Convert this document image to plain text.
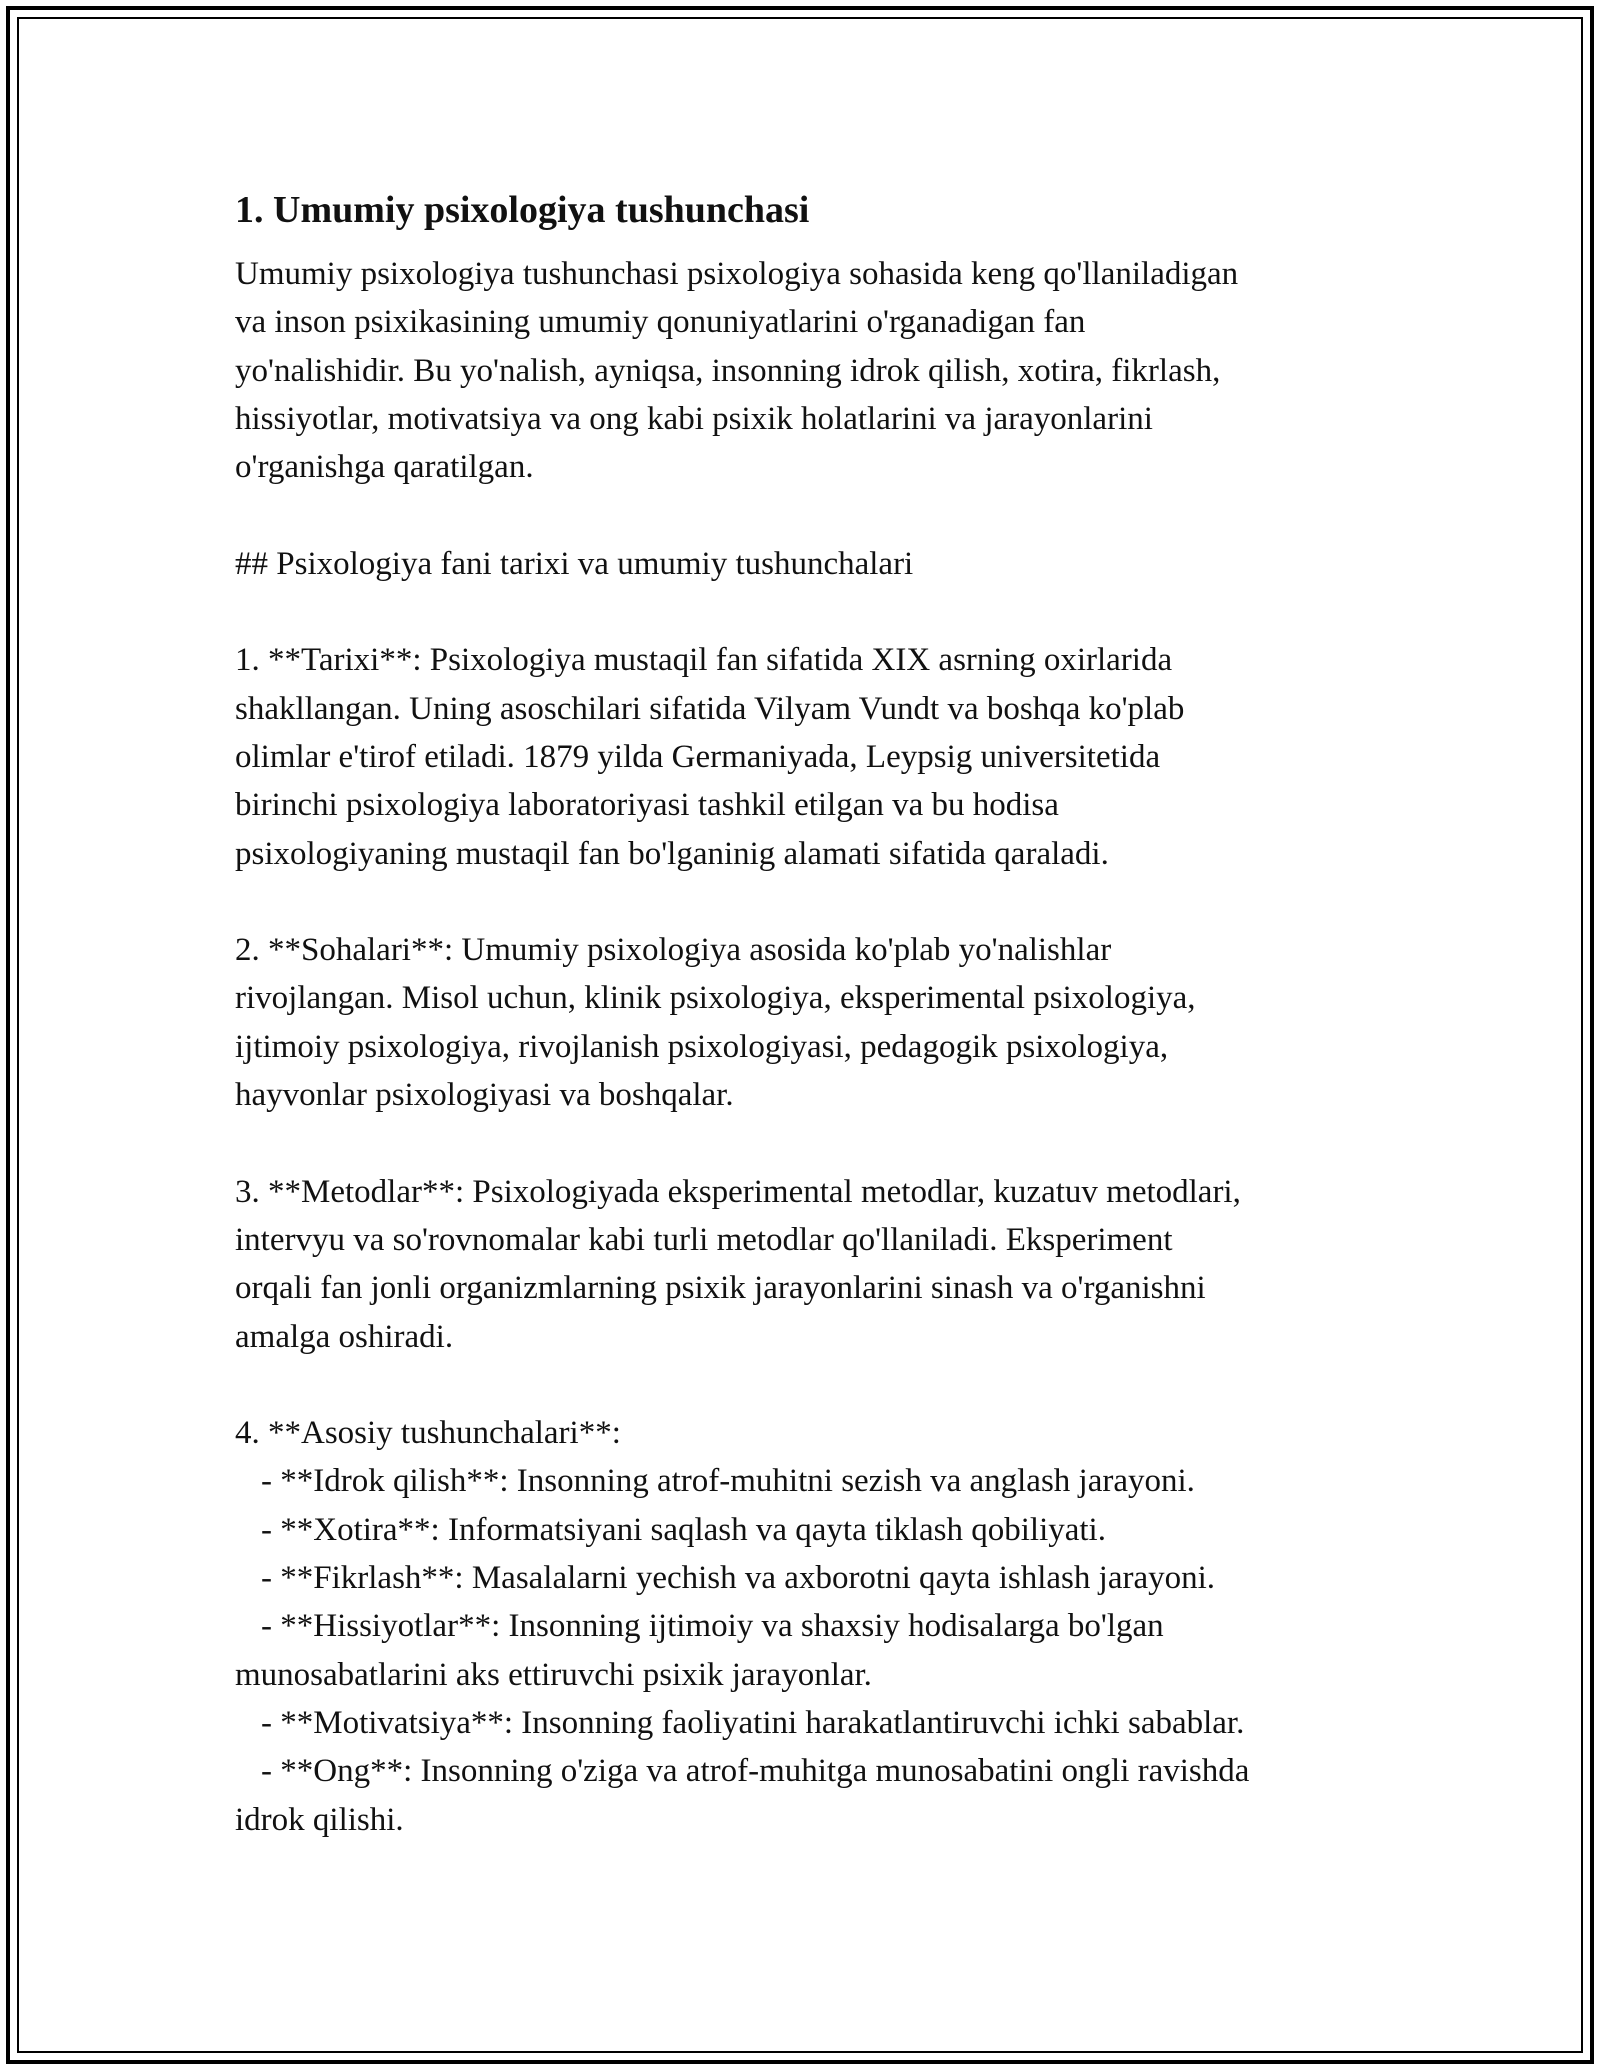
1. Umumiy psixologiya tushunchasi
Umumiy psixologiya tushunchasi psixologiya sohasida keng qo'llaniladigan
va inson psixikasining umumiy qonuniyatlarini o'rganadigan fan
yo'nalishidir. Bu yo'nalish, ayniqsa, insonning idrok qilish, xotira, fikrlash,
hissiyotlar, motivatsiya va ong kabi psixik holatlarini va jarayonlarini
o'rganishga qaratilgan.
## Psixologiya fani tarixi va umumiy tushunchalari
1. **Tarixi**: Psixologiya mustaqil fan sifatida XIX asrning oxirlarida
shakllangan. Uning asoschilari sifatida Vilyam Vundt va boshqa ko'plab
olimlar e'tirof etiladi. 1879 yilda Germaniyada, Leypsig universitetida
birinchi psixologiya laboratoriyasi tashkil etilgan va bu hodisa
psixologiyaning mustaqil fan bo'lganinig alamati sifatida qaraladi.
2. **Sohalari**: Umumiy psixologiya asosida ko'plab yo'nalishlar
rivojlangan. Misol uchun, klinik psixologiya, eksperimental psixologiya,
ijtimoiy psixologiya, rivojlanish psixologiyasi, pedagogik psixologiya,
hayvonlar psixologiyasi va boshqalar.
3. **Metodlar**: Psixologiyada eksperimental metodlar, kuzatuv metodlari,
intervyu va so'rovnomalar kabi turli metodlar qo'llaniladi. Eksperiment
orqali fan jonli organizmlarning psixik jarayonlarini sinash va o'rganishni
amalga oshiradi.
4. **Asosiy tushunchalari**:
- **Idrok qilish**: Insonning atrof-muhitni sezish va anglash jarayoni.
- **Xotira**: Informatsiyani saqlash va qayta tiklash qobiliyati.
- **Fikrlash**: Masalalarni yechish va axborotni qayta ishlash jarayoni.
- **Hissiyotlar**: Insonning ijtimoiy va shaxsiy hodisalarga bo'lgan
munosabatlarini aks ettiruvchi psixik jarayonlar.
- **Motivatsiya**: Insonning faoliyatini harakatlantiruvchi ichki sabablar.
- **Ong**: Insonning o'ziga va atrof-muhitga munosabatini ongli ravishda
idrok qilishi.
